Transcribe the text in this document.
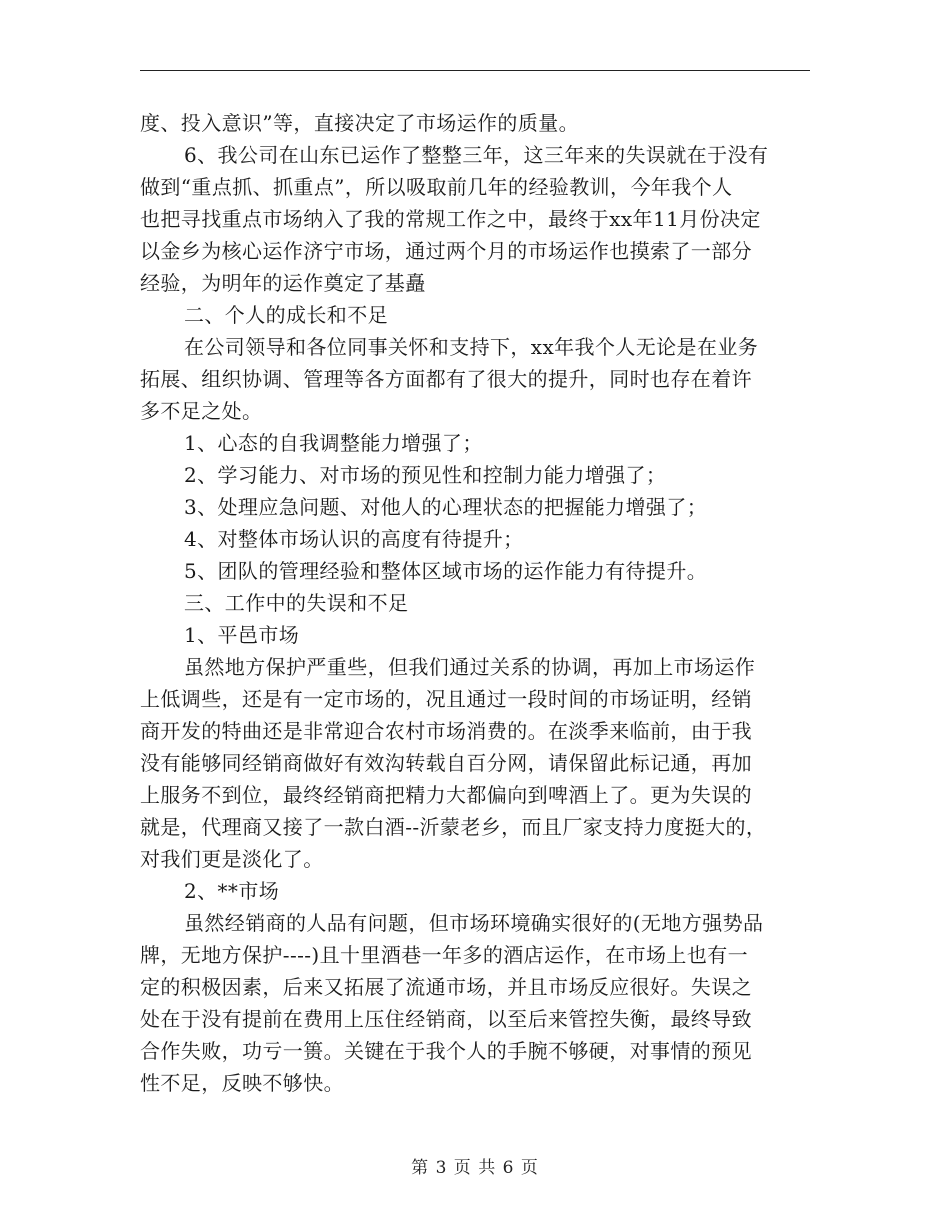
度、投入意识”等，直接决定了市场运作的质量。
6、我公司在山东已运作了整整三年，这三年来的失误就在于没有
做到“重点抓、抓重点”，所以吸取前几年的经验教训，今年我个人
也把寻找重点市场纳入了我的常规工作之中，最终于xx年11月份决定
以金乡为核心运作济宁市场，通过两个月的市场运作也摸索了一部分
经验，为明年的运作奠定了基矗
二、个人的成长和不足
在公司领导和各位同事关怀和支持下，xx年我个人无论是在业务
拓展、组织协调、管理等各方面都有了很大的提升，同时也存在着许
多不足之处。
1、心态的自我调整能力增强了；
2、学习能力、对市场的预见性和控制力能力增强了；
3、处理应急问题、对他人的心理状态的把握能力增强了；
4、对整体市场认识的高度有待提升；
5、团队的管理经验和整体区域市场的运作能力有待提升。
三、工作中的失误和不足
1、平邑市场
虽然地方保护严重些，但我们通过关系的协调，再加上市场运作
上低调些，还是有一定市场的，况且通过一段时间的市场证明，经销
商开发的特曲还是非常迎合农村市场消费的。在淡季来临前，由于我
没有能够同经销商做好有效沟转载自百分网，请保留此标记通，再加
上服务不到位，最终经销商把精力大都偏向到啤酒上了。更为失误的
就是，代理商又接了一款白酒--沂蒙老乡，而且厂家支持力度挺大的，
对我们更是淡化了。
2、**市场
虽然经销商的人品有问题，但市场环境确实很好的(无地方强势品
牌，无地方保护----)且十里酒巷一年多的酒店运作，在市场上也有一
定的积极因素，后来又拓展了流通市场，并且市场反应很好。失误之
处在于没有提前在费用上压住经销商，以至后来管控失衡，最终导致
合作失败，功亏一篑。关键在于我个人的手腕不够硬，对事情的预见
性不足，反映不够快。
第 3 页 共 6 页
